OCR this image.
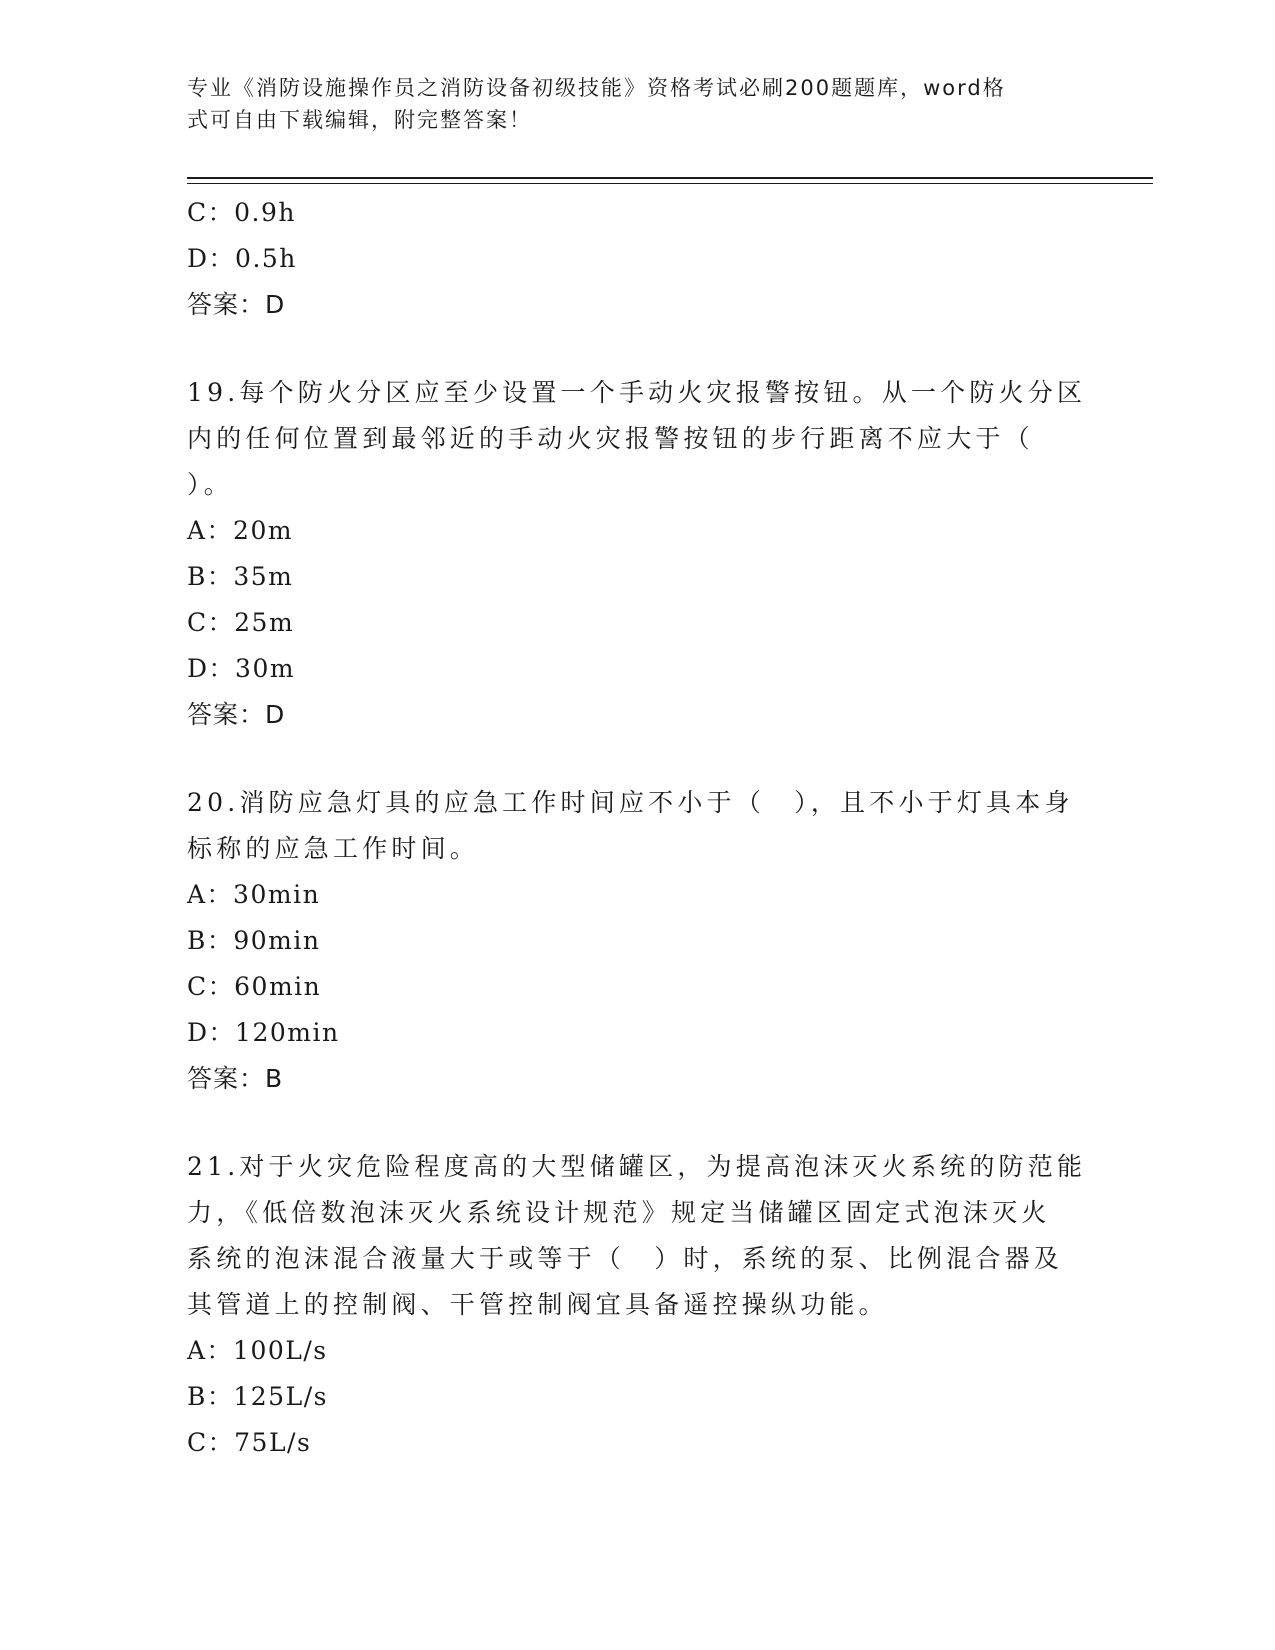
专业《消防设施操作员之消防设备初级技能》资格考试必刷200题题库，word格
式可自由下载编辑，附完整答案！
C：0.9h
D：0.5h
答案：D
19.每个防火分区应至少设置一个手动火灾报警按钮。从一个防火分区
内的任何位置到最邻近的手动火灾报警按钮的步行距离不应大于（
）。
A：20m
B：35m
C：25m
D：30m
答案：D
20.消防应急灯具的应急工作时间应不小于（　），且不小于灯具本身
标称的应急工作时间。
A：30min
B：90min
C：60min
D：120min
答案：B
21.对于火灾危险程度高的大型储罐区，为提高泡沫灭火系统的防范能
力，《低倍数泡沫灭火系统设计规范》规定当储罐区固定式泡沫灭火
系统的泡沫混合液量大于或等于（　）时，系统的泵、比例混合器及
其管道上的控制阀、干管控制阀宜具备遥控操纵功能。
A：100L/s
B：125L/s
C：75L/s
